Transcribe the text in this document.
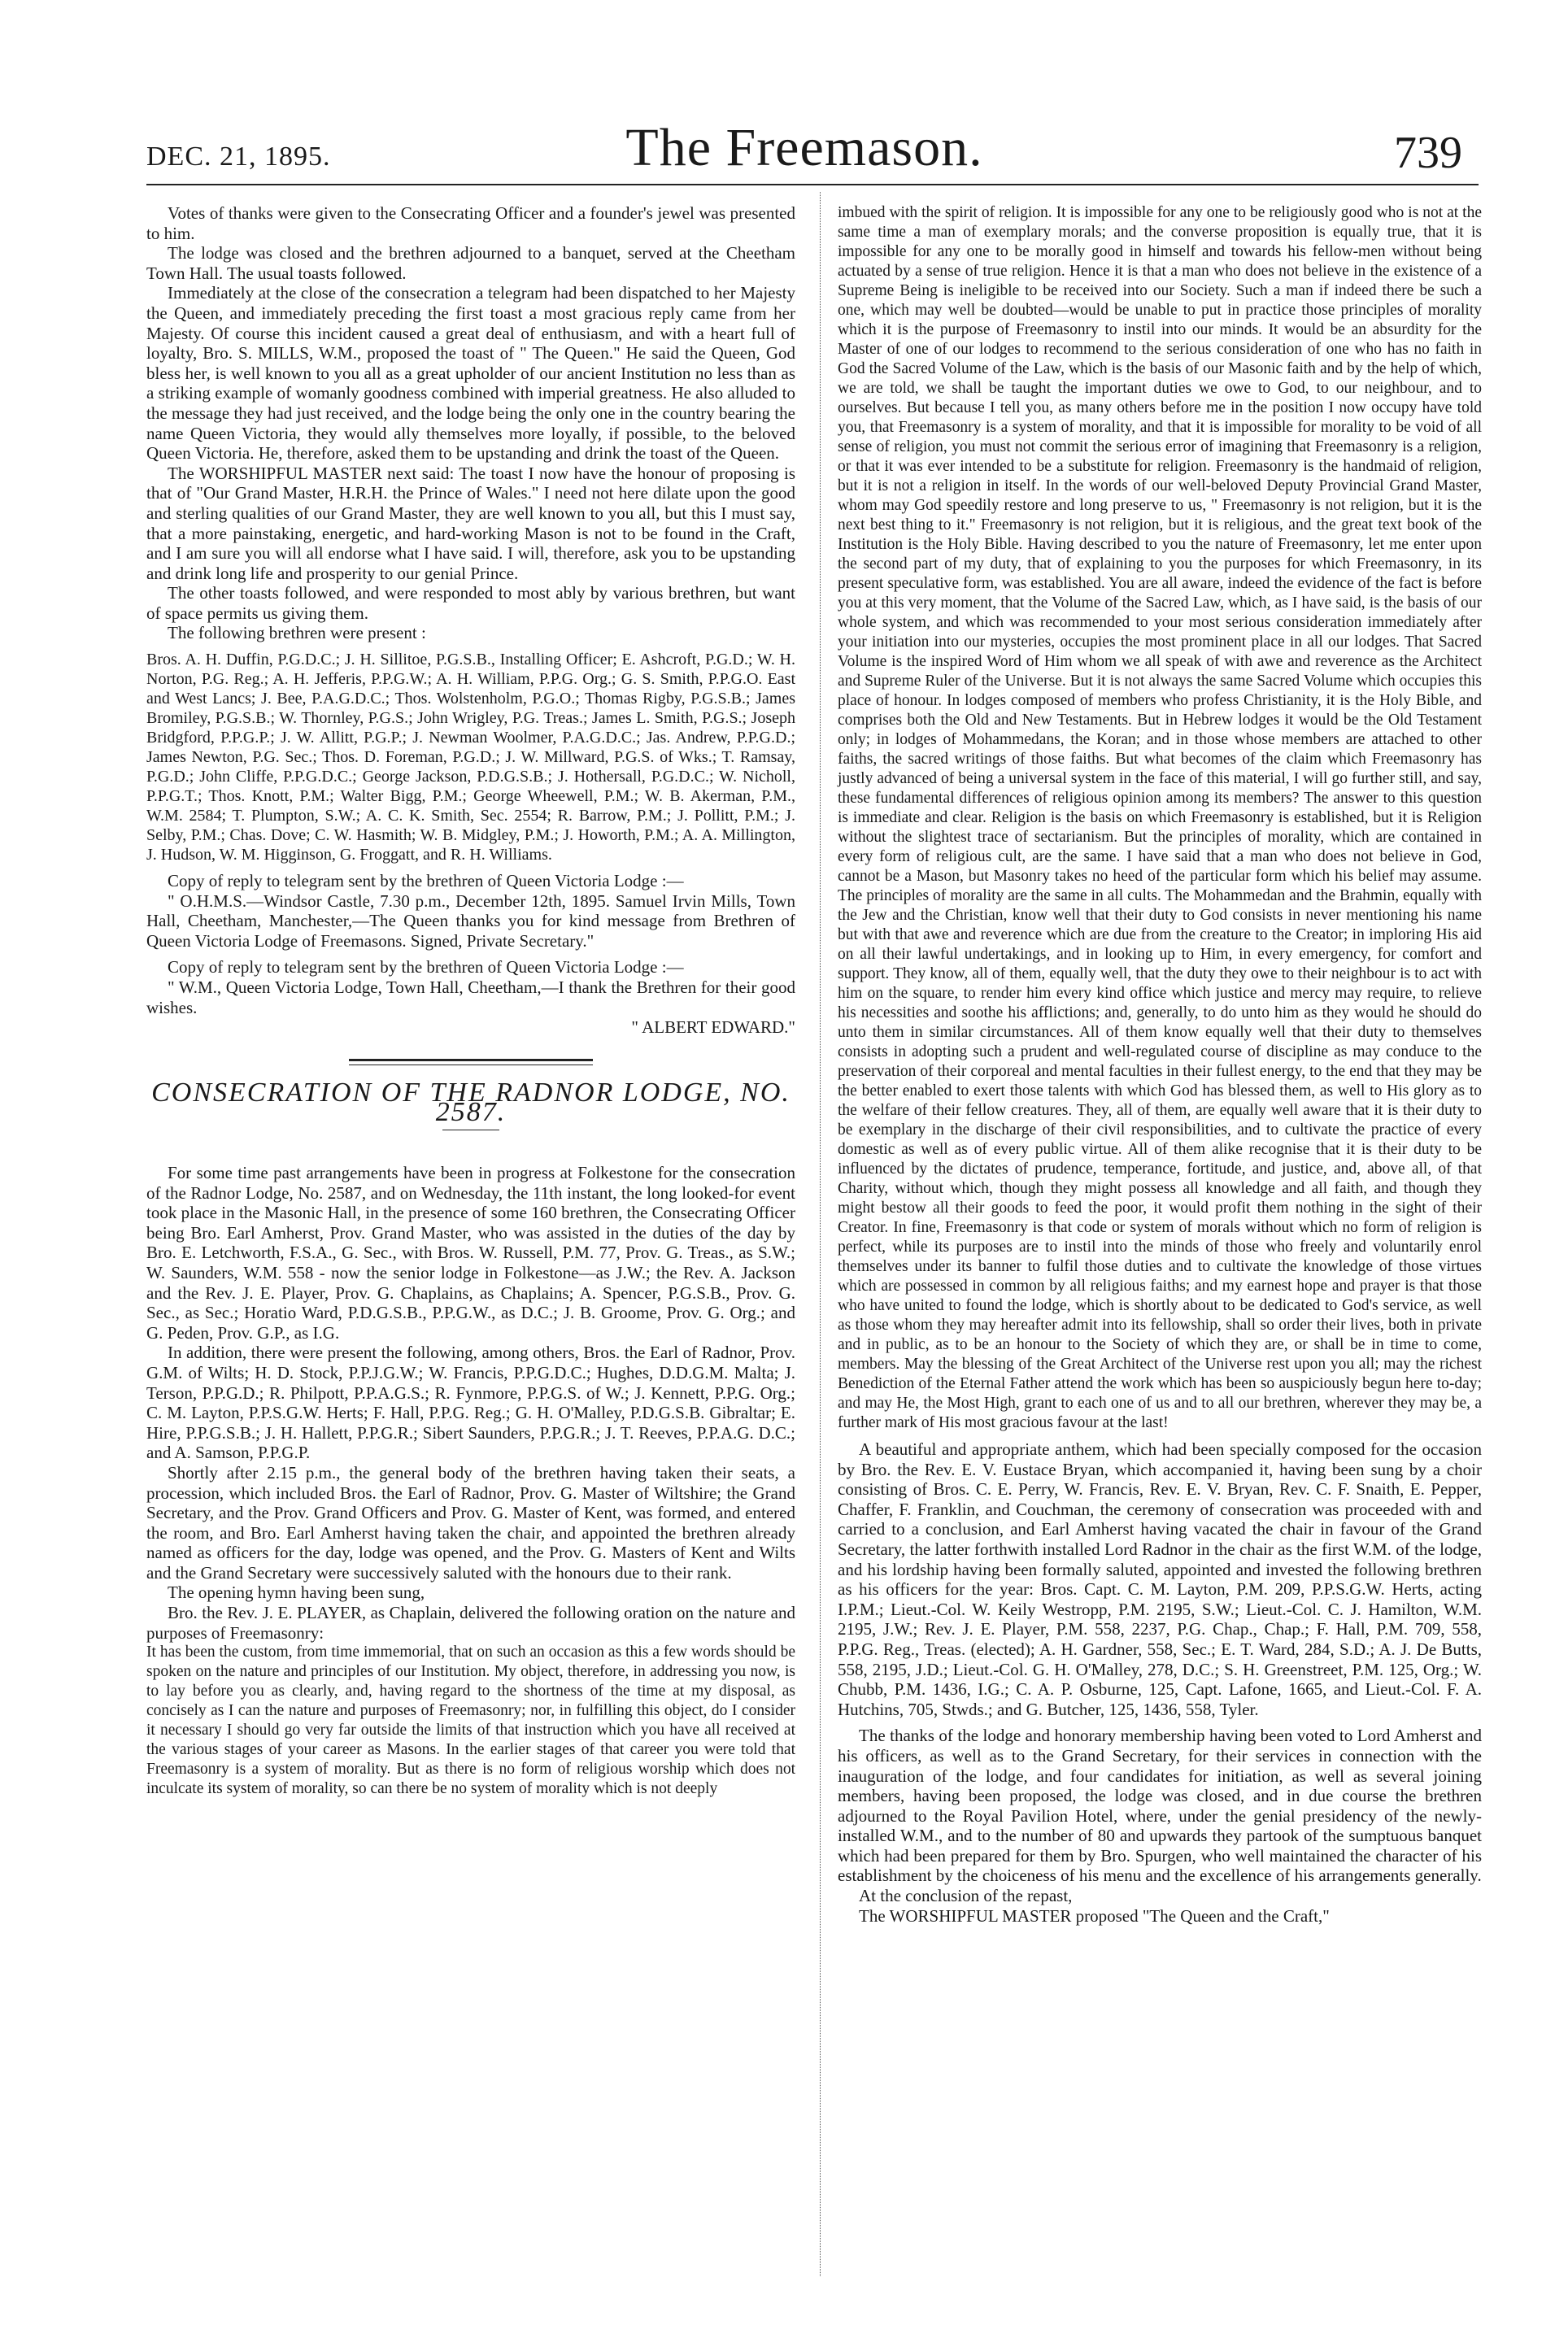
DEC. 21, 1895.	The Freemason.	739

Votes of thanks were given to the Consecrating Officer and a founder's jewel was presented to him.

The lodge was closed and the brethren adjourned to a banquet, served at the Cheetham Town Hall. The usual toasts followed.

Immediately at the close of the consecration a telegram had been dispatched to her Majesty the Queen, and immediately preceding the first toast a most gracious reply came from her Majesty. Of course this incident caused a great deal of enthusiasm, and with a heart full of loyalty, Bro. S. MILLS, W.M., proposed the toast of " The Queen." He said the Queen, God bless her, is well known to you all as a great upholder of our ancient Institution no less than as a striking example of womanly goodness combined with imperial greatness. He also alluded to the message they had just received, and the lodge being the only one in the country bearing the name Queen Victoria, they would ally themselves more loyally, if possible, to the beloved Queen Victoria. He, therefore, asked them to be upstanding and drink the toast of the Queen.

The WORSHIPFUL MASTER next said: The toast I now have the honour of proposing is that of "Our Grand Master, H.R.H. the Prince of Wales." I need not here dilate upon the good and sterling qualities of our Grand Master, they are well known to you all, but this I must say, that a more painstaking, energetic, and hard-working Mason is not to be found in the Craft, and I am sure you will all endorse what I have said. I will, therefore, ask you to be upstanding and drink long life and prosperity to our genial Prince.

The other toasts followed, and were responded to most ably by various brethren, but want of space permits us giving them.

The following brethren were present :

Bros. A. H. Duffin, P.G.D.C.; J. H. Sillitoe, P.G.S.B., Installing Officer; E. Ashcroft, P.G.D.; W. H. Norton, P.G. Reg.; A. H. Jefferis, P.P.G.W.; A. H. William, P.P.G. Org.; G. S. Smith, P.P.G.O. East and West Lancs; J. Bee, P.A.G.D.C.; Thos. Wolstenholm, P.G.O.; Thomas Rigby, P.G.S.B.; James Bromiley, P.G.S.B.; W. Thornley, P.G.S.; John Wrigley, P.G. Treas.; James L. Smith, P.G.S.; Joseph Bridgford, P.P.G.P.; J. W. Allitt, P.G.P.; J. Newman Woolmer, P.A.G.D.C.; Jas. Andrew, P.P.G.D.; James Newton, P.G. Sec.; Thos. D. Foreman, P.G.D.; J. W. Millward, P.G.S. of Wks.; T. Ramsay, P.G.D.; John Cliffe, P.P.G.D.C.; George Jackson, P.D.G.S.B.; J. Hothersall, P.G.D.C.; W. Nicholl, P.P.G.T.; Thos. Knott, P.M.; Walter Bigg, P.M.; George Wheewell, P.M.; W. B. Akerman, P.M., W.M. 2584; T. Plumpton, S.W.; A. C. K. Smith, Sec. 2554; R. Barrow, P.M.; J. Pollitt, P.M.; J. Selby, P.M.; Chas. Dove; C. W. Hasmith; W. B. Midgley, P.M.; J. Howorth, P.M.; A. A. Millington, J. Hudson, W. M. Higginson, G. Froggatt, and R. H. Williams.

Copy of reply to telegram sent by the brethren of Queen Victoria Lodge :—

" O.H.M.S.—Windsor Castle, 7.30 p.m., December 12th, 1895. Samuel Irvin Mills, Town Hall, Cheetham, Manchester,—The Queen thanks you for kind message from Brethren of Queen Victoria Lodge of Freemasons. Signed, Private Secretary."

Copy of reply to telegram sent by the brethren of Queen Victoria Lodge :—

" W.M., Queen Victoria Lodge, Town Hall, Cheetham,—I thank the Brethren for their good wishes.

" ALBERT EDWARD."

CONSECRATION OF THE RADNOR LODGE, NO. 2587.

For some time past arrangements have been in progress at Folkestone for the consecration of the Radnor Lodge, No. 2587, and on Wednesday, the 11th instant, the long looked-for event took place in the Masonic Hall, in the presence of some 160 brethren, the Consecrating Officer being Bro. Earl Amherst, Prov. Grand Master, who was assisted in the duties of the day by Bro. E. Letchworth, F.S.A., G. Sec., with Bros. W. Russell, P.M. 77, Prov. G. Treas., as S.W.; W. Saunders, W.M. 558 - now the senior lodge in Folkestone—as J.W.; the Rev. A. Jackson and the Rev. J. E. Player, Prov. G. Chaplains, as Chaplains; A. Spencer, P.G.S.B., Prov. G. Sec., as Sec.; Horatio Ward, P.D.G.S.B., P.P.G.W., as D.C.; J. B. Groome, Prov. G. Org.; and G. Peden, Prov. G.P., as I.G.

In addition, there were present the following, among others, Bros. the Earl of Radnor, Prov. G.M. of Wilts; H. D. Stock, P.P.J.G.W.; W. Francis, P.P.G.D.C.; Hughes, D.D.G.M. Malta; J. Terson, P.P.G.D.; R. Philpott, P.P.A.G.S.; R. Fynmore, P.P.G.S. of W.; J. Kennett, P.P.G. Org.; C. M. Layton, P.P.S.G.W. Herts; F. Hall, P.P.G. Reg.; G. H. O'Malley, P.D.G.S.B. Gibraltar; E. Hire, P.P.G.S.B.; J. H. Hallett, P.P.G.R.; Sibert Saunders, P.P.G.R.; J. T. Reeves, P.P.A.G. D.C.; and A. Samson, P.P.G.P.

Shortly after 2.15 p.m., the general body of the brethren having taken their seats, a procession, which included Bros. the Earl of Radnor, Prov. G. Master of Wiltshire; the Grand Secretary, and the Prov. Grand Officers and Prov. G. Master of Kent, was formed, and entered the room, and Bro. Earl Amherst having taken the chair, and appointed the brethren already named as officers for the day, lodge was opened, and the Prov. G. Masters of Kent and Wilts and the Grand Secretary were successively saluted with the honours due to their rank.

The opening hymn having been sung,

Bro. the Rev. J. E. PLAYER, as Chaplain, delivered the following oration on the nature and purposes of Freemasonry:

It has been the custom, from time immemorial, that on such an occasion as this a few words should be spoken on the nature and principles of our Institution. My object, therefore, in addressing you now, is to lay before you as clearly, and, having regard to the shortness of the time at my disposal, as concisely as I can the nature and purposes of Freemasonry; nor, in fulfilling this object, do I consider it necessary I should go very far outside the limits of that instruction which you have all received at the various stages of your career as Masons. In the earlier stages of that career you were told that Freemasonry is a system of morality. But as there is no form of religious worship which does not inculcate its system of morality, so can there be no system of morality which is not deeply

imbued with the spirit of religion. It is impossible for any one to be religiously good who is not at the same time a man of exemplary morals; and the converse proposition is equally true, that it is impossible for any one to be morally good in himself and towards his fellow-men without being actuated by a sense of true religion. Hence it is that a man who does not believe in the existence of a Supreme Being is ineligible to be received into our Society. Such a man if indeed there be such a one, which may well be doubted—would be unable to put in practice those principles of morality which it is the purpose of Freemasonry to instil into our minds. It would be an absurdity for the Master of one of our lodges to recommend to the serious consideration of one who has no faith in God the Sacred Volume of the Law, which is the basis of our Masonic faith and by the help of which, we are told, we shall be taught the important duties we owe to God, to our neighbour, and to ourselves. But because I tell you, as many others before me in the position I now occupy have told you, that Freemasonry is a system of morality, and that it is impossible for morality to be void of all sense of religion, you must not commit the serious error of imagining that Freemasonry is a religion, or that it was ever intended to be a substitute for religion. Freemasonry is the handmaid of religion, but it is not a religion in itself. In the words of our well-beloved Deputy Provincial Grand Master, whom may God speedily restore and long preserve to us, " Freemasonry is not religion, but it is the next best thing to it." Freemasonry is not religion, but it is religious, and the great text book of the Institution is the Holy Bible. Having described to you the nature of Freemasonry, let me enter upon the second part of my duty, that of explaining to you the purposes for which Freemasonry, in its present speculative form, was established. You are all aware, indeed the evidence of the fact is before you at this very moment, that the Volume of the Sacred Law, which, as I have said, is the basis of our whole system, and which was recommended to your most serious consideration immediately after your initiation into our mysteries, occupies the most prominent place in all our lodges. That Sacred Volume is the inspired Word of Him whom we all speak of with awe and reverence as the Architect and Supreme Ruler of the Universe. But it is not always the same Sacred Volume which occupies this place of honour. In lodges composed of members who profess Christianity, it is the Holy Bible, and comprises both the Old and New Testaments. But in Hebrew lodges it would be the Old Testament only; in lodges of Mohammedans, the Koran; and in those whose members are attached to other faiths, the sacred writings of those faiths. But what becomes of the claim which Freemasonry has justly advanced of being a universal system in the face of this material, I will go further still, and say, these fundamental differences of religious opinion among its members? The answer to this question is immediate and clear. Religion is the basis on which Freemasonry is established, but it is Religion without the slightest trace of sectarianism. But the principles of morality, which are contained in every form of religious cult, are the same. I have said that a man who does not believe in God, cannot be a Mason, but Masonry takes no heed of the particular form which his belief may assume. The principles of morality are the same in all cults. The Mohammedan and the Brahmin, equally with the Jew and the Christian, know well that their duty to God consists in never mentioning his name but with that awe and reverence which are due from the creature to the Creator; in imploring His aid on all their lawful undertakings, and in looking up to Him, in every emergency, for comfort and support. They know, all of them, equally well, that the duty they owe to their neighbour is to act with him on the square, to render him every kind office which justice and mercy may require, to relieve his necessities and soothe his afflictions; and, generally, to do unto him as they would he should do unto them in similar circumstances. All of them know equally well that their duty to themselves consists in adopting such a prudent and well-regulated course of discipline as may conduce to the preservation of their corporeal and mental faculties in their fullest energy, to the end that they may be the better enabled to exert those talents with which God has blessed them, as well to His glory as to the welfare of their fellow creatures. They, all of them, are equally well aware that it is their duty to be exemplary in the discharge of their civil responsibilities, and to cultivate the practice of every domestic as well as of every public virtue. All of them alike recognise that it is their duty to be influenced by the dictates of prudence, temperance, fortitude, and justice, and, above all, of that Charity, without which, though they might possess all knowledge and all faith, and though they might bestow all their goods to feed the poor, it would profit them nothing in the sight of their Creator. In fine, Freemasonry is that code or system of morals without which no form of religion is perfect, while its purposes are to instil into the minds of those who freely and voluntarily enrol themselves under its banner to fulfil those duties and to cultivate the knowledge of those virtues which are possessed in common by all religious faiths; and my earnest hope and prayer is that those who have united to found the lodge, which is shortly about to be dedicated to God's service, as well as those whom they may hereafter admit into its fellowship, shall so order their lives, both in private and in public, as to be an honour to the Society of which they are, or shall be in time to come, members. May the blessing of the Great Architect of the Universe rest upon you all; may the richest Benediction of the Eternal Father attend the work which has been so auspiciously begun here to-day; and may He, the Most High, grant to each one of us and to all our brethren, wherever they may be, a further mark of His most gracious favour at the last!

A beautiful and appropriate anthem, which had been specially composed for the occasion by Bro. the Rev. E. V. Eustace Bryan, which accompanied it, having been sung by a choir consisting of Bros. C. E. Perry, W. Francis, Rev. E. V. Bryan, Rev. C. F. Snaith, E. Pepper, Chaffer, F. Franklin, and Couchman, the ceremony of consecration was proceeded with and carried to a conclusion, and Earl Amherst having vacated the chair in favour of the Grand Secretary, the latter forthwith installed Lord Radnor in the chair as the first W.M. of the lodge, and his lordship having been formally saluted, appointed and invested the following brethren as his officers for the year: Bros. Capt. C. M. Layton, P.M. 209, P.P.S.G.W. Herts, acting I.P.M.; Lieut.-Col. W. Keily Westropp, P.M. 2195, S.W.; Lieut.-Col. C. J. Hamilton, W.M. 2195, J.W.; Rev. J. E. Player, P.M. 558, 2237, P.G. Chap., Chap.; F. Hall, P.M. 709, 558, P.P.G. Reg., Treas. (elected); A. H. Gardner, 558, Sec.; E. T. Ward, 284, S.D.; A. J. De Butts, 558, 2195, J.D.; Lieut.-Col. G. H. O'Malley, 278, D.C.; S. H. Greenstreet, P.M. 125, Org.; W. Chubb, P.M. 1436, I.G.; C. A. P. Osburne, 125, Capt. Lafone, 1665, and Lieut.-Col. F. A. Hutchins, 705, Stwds.; and G. Butcher, 125, 1436, 558, Tyler.

The thanks of the lodge and honorary membership having been voted to Lord Amherst and his officers, as well as to the Grand Secretary, for their services in connection with the inauguration of the lodge, and four candidates for initiation, as well as several joining members, having been proposed, the lodge was closed, and in due course the brethren adjourned to the Royal Pavilion Hotel, where, under the genial presidency of the newly-installed W.M., and to the number of 80 and upwards they partook of the sumptuous banquet which had been prepared for them by Bro. Spurgen, who well maintained the character of his establishment by the choiceness of his menu and the excellence of his arrangements generally.

At the conclusion of the repast,

The WORSHIPFUL MASTER proposed "The Queen and the Craft,"
